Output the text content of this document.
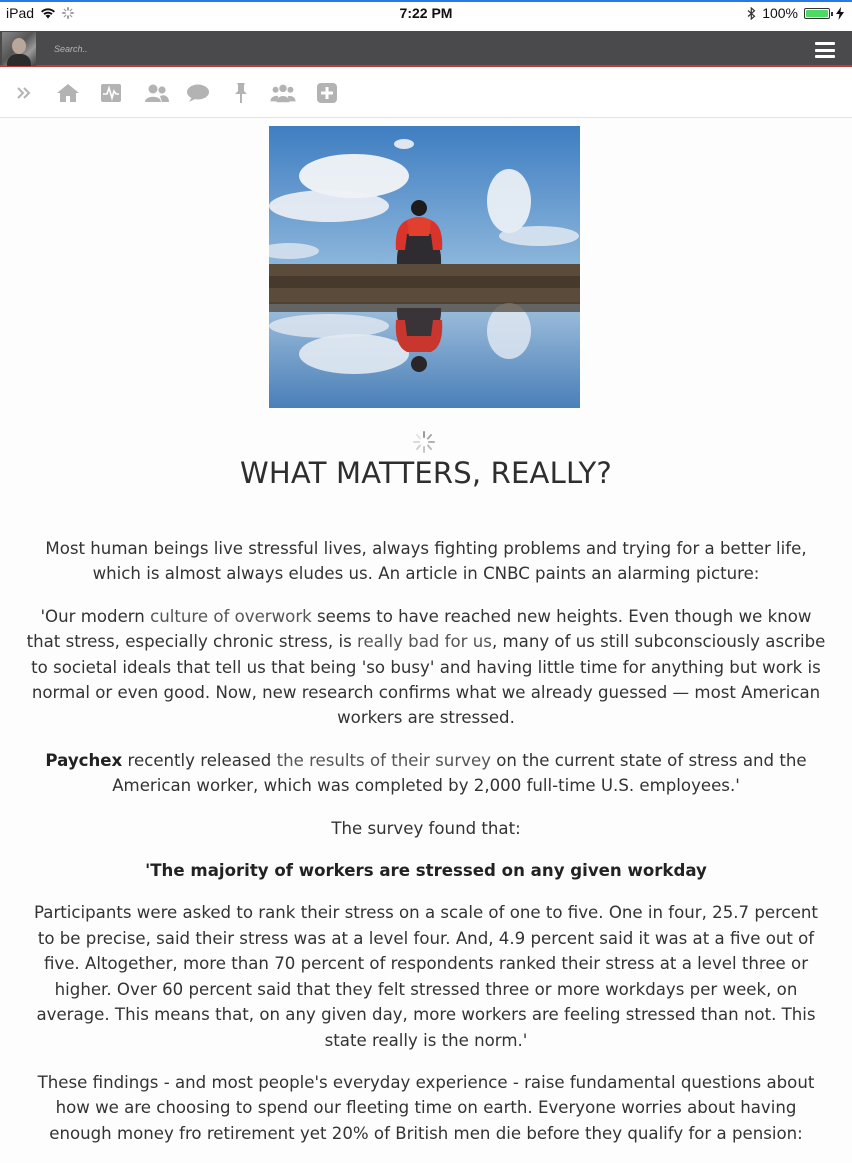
iPad	7:22 PM	100%
Search..
WHAT MATTERS, REALLY?

Most human beings live stressful lives, always fighting problems and trying for a better life, which is almost always eludes us. An article in CNBC paints an alarming picture:

'Our modern culture of overwork seems to have reached new heights. Even though we know that stress, especially chronic stress, is really bad for us, many of us still subconsciously ascribe to societal ideals that tell us that being 'so busy' and having little time for anything but work is normal or even good. Now, new research confirms what we already guessed — most American workers are stressed.

Paychex recently released the results of their survey on the current state of stress and the American worker, which was completed by 2,000 full-time U.S. employees.'

The survey found that:

'The majority of workers are stressed on any given workday

Participants were asked to rank their stress on a scale of one to five. One in four, 25.7 percent to be precise, said their stress was at a level four. And, 4.9 percent said it was at a five out of five. Altogether, more than 70 percent of respondents ranked their stress at a level three or higher. Over 60 percent said that they felt stressed three or more workdays per week, on average. This means that, on any given day, more workers are feeling stressed than not. This state really is the norm.'

These findings - and most people's everyday experience - raise fundamental questions about how we are choosing to spend our fleeting time on earth. Everyone worries about having enough money fro retirement yet 20% of British men die before they qualify for a pension:
